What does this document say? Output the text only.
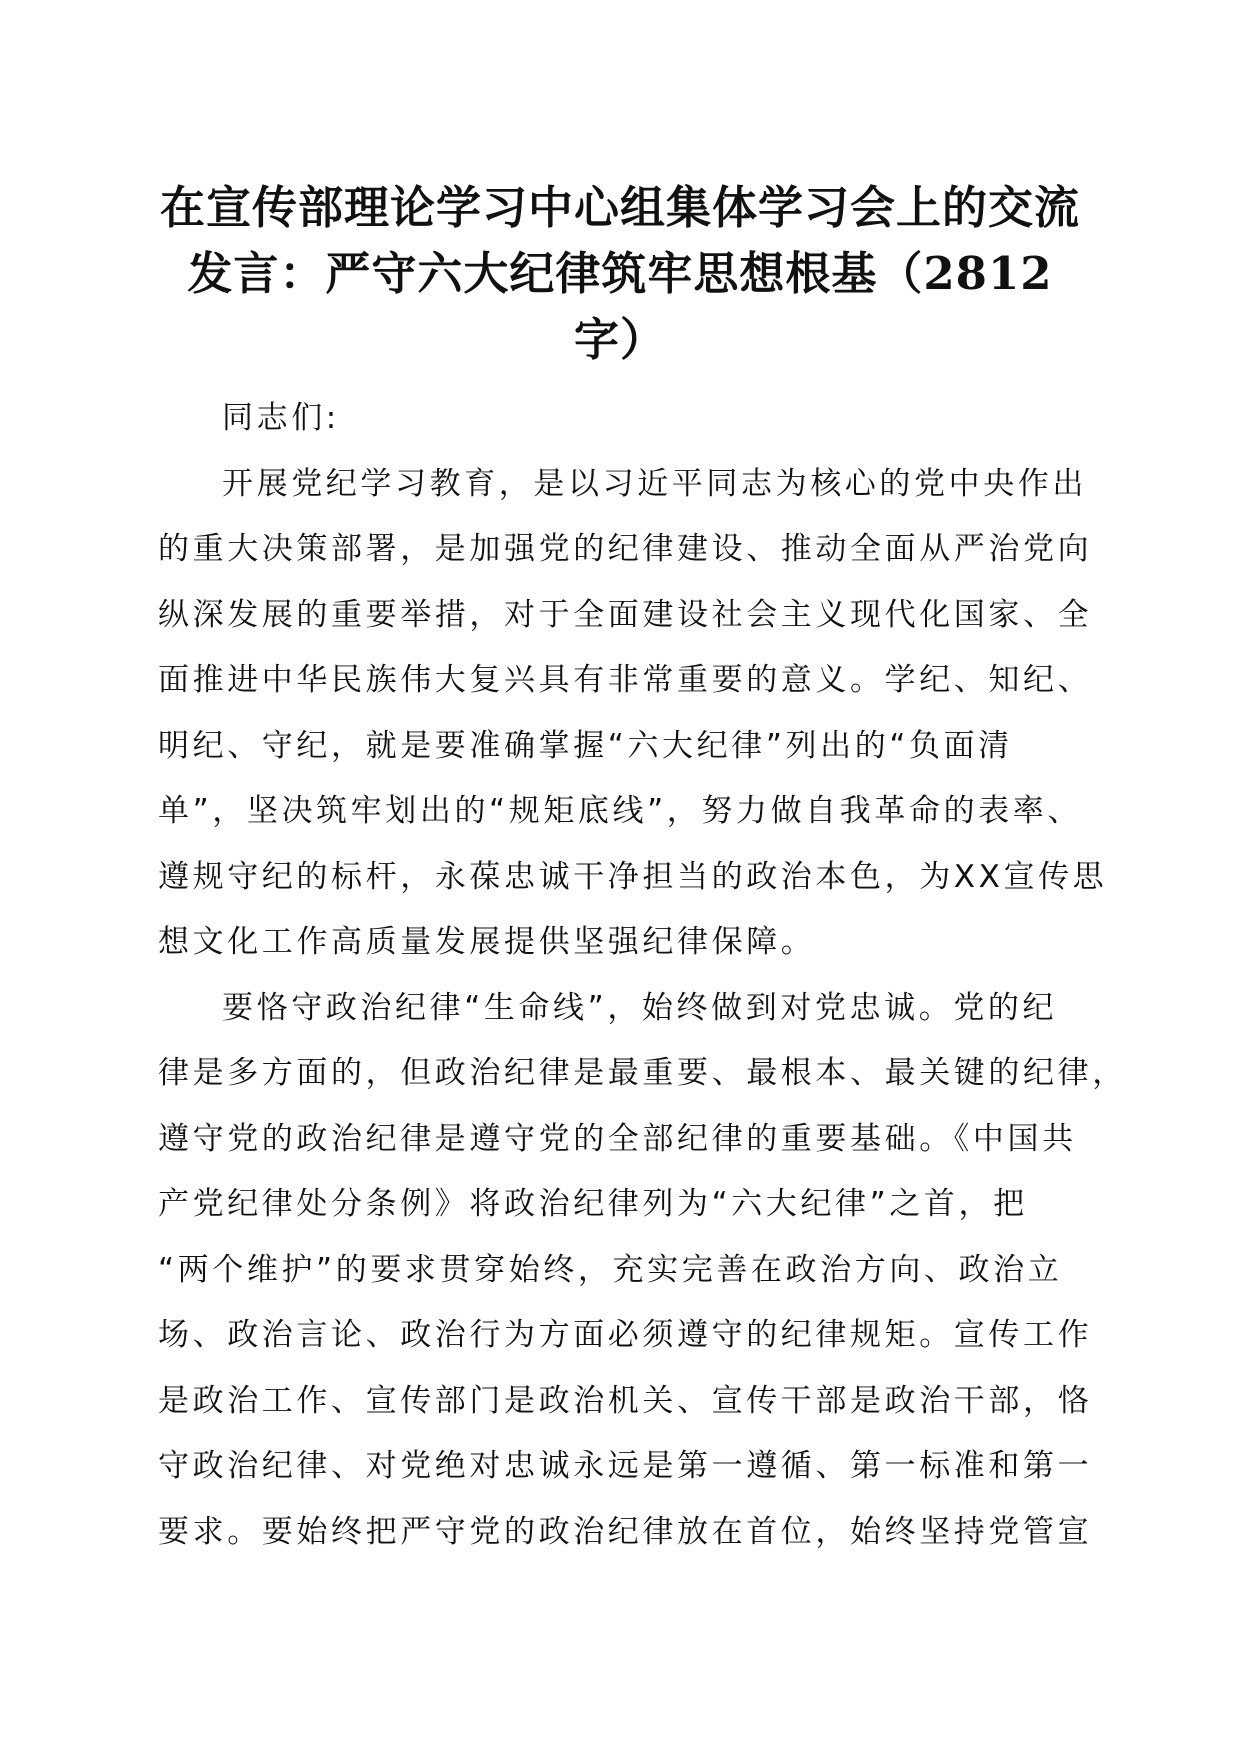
在宣传部理论学习中心组集体学习会上的交流
发言：严守六大纪律筑牢思想根基（2812
字）
同志们:
开展党纪学习教育，是以习近平同志为核心的党中央作出
的重大决策部署，是加强党的纪律建设、推动全面从严治党向
纵深发展的重要举措，对于全面建设社会主义现代化国家、全
面推进中华民族伟大复兴具有非常重要的意义。学纪、知纪、
明纪、守纪，就是要准确掌握“六大纪律”列出的“负面清
单”，坚决筑牢划出的“规矩底线”，努力做自我革命的表率、
遵规守纪的标杆，永葆忠诚干净担当的政治本色，为XX宣传思
想文化工作高质量发展提供坚强纪律保障。
要恪守政治纪律“生命线”，始终做到对党忠诚。党的纪
律是多方面的，但政治纪律是最重要、最根本、最关键的纪律，
遵守党的政治纪律是遵守党的全部纪律的重要基础。《中国共
产党纪律处分条例》将政治纪律列为“六大纪律”之首，把
“两个维护”的要求贯穿始终，充实完善在政治方向、政治立
场、政治言论、政治行为方面必须遵守的纪律规矩。宣传工作
是政治工作、宣传部门是政治机关、宣传干部是政治干部，恪
守政治纪律、对党绝对忠诚永远是第一遵循、第一标准和第一
要求。要始终把严守党的政治纪律放在首位，始终坚持党管宣
